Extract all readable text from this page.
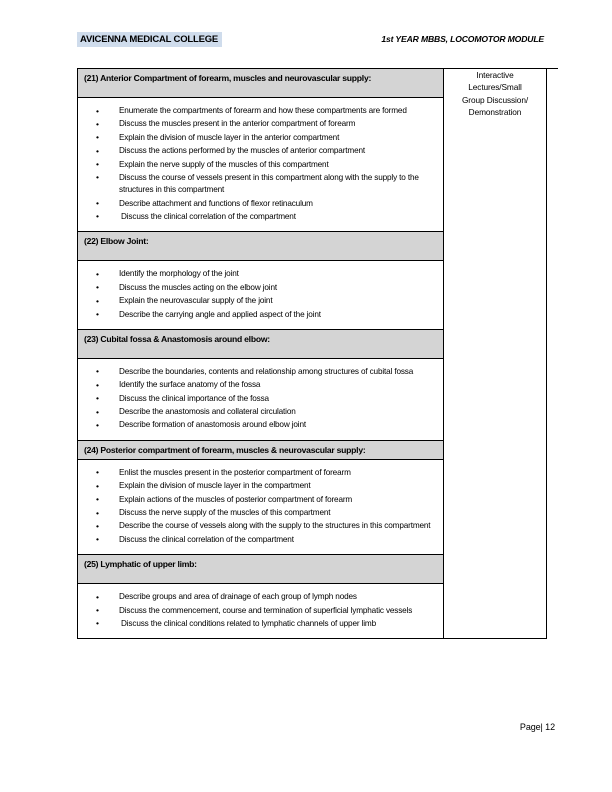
AVICENNA MEDICAL COLLEGE	1st YEAR MBBS, LOCOMOTOR MODULE
(21) Anterior Compartment of forearm, muscles and neurovascular supply:	Interactive
Lectures/Small
Group Discussion/
Demonstration

• Enumerate the compartments of forearm and how these compartments are formed
• Discuss the muscles present in the anterior compartment of forearm
• Explain the division of muscle layer in the anterior compartment
• Discuss the actions performed by the muscles of anterior compartment
• Explain the nerve supply of the muscles of this compartment
• Discuss the course of vessels present in this compartment along with the supply to the structures in this compartment
• Describe attachment and functions of flexor retinaculum
• Discuss the clinical correlation of the compartment

(22) Elbow Joint:

• Identify the morphology of the joint
• Discuss the muscles acting on the elbow joint
• Explain the neurovascular supply of the joint
• Describe the carrying angle and applied aspect of the joint

(23) Cubital fossa & Anastomosis around elbow:

• Describe the boundaries, contents and relationship among structures of cubital fossa
• Identify the surface anatomy of the fossa
• Discuss the clinical importance of the fossa
• Describe the anastomosis and collateral circulation
• Describe formation of anastomosis around elbow joint

(24) Posterior compartment of forearm, muscles & neurovascular supply:

• Enlist the muscles present in the posterior compartment of forearm
• Explain the division of muscle layer in the compartment
• Explain actions of the muscles of posterior compartment of forearm
• Discuss the nerve supply of the muscles of this compartment
• Describe the course of vessels along with the supply to the structures in this compartment
• Discuss the clinical correlation of the compartment

(25) Lymphatic of upper limb:

• Describe groups and area of drainage of each group of lymph nodes
• Discuss the commencement, course and termination of superficial lymphatic vessels
• Discuss the clinical conditions related to lymphatic channels of upper limb
Page| 12
